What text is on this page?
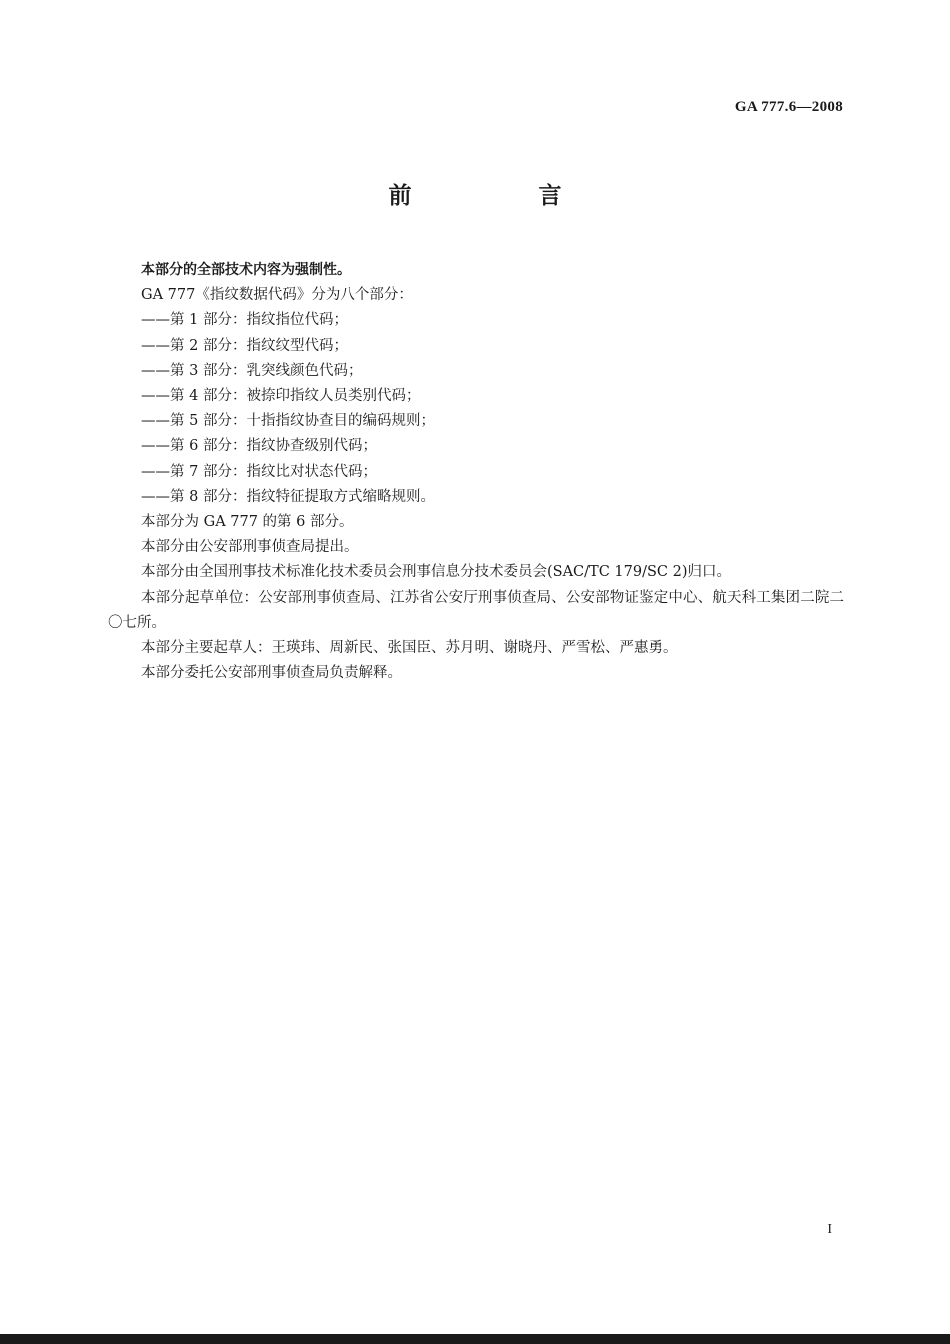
GA 777.6—2008
前　言

本部分的全部技术内容为强制性。

GA 777《指纹数据代码》分为八个部分：

——第 1 部分：指纹指位代码；

——第 2 部分：指纹纹型代码；

——第 3 部分：乳突线颜色代码；

——第 4 部分：被捺印指纹人员类别代码；

——第 5 部分：十指指纹协查目的编码规则；

——第 6 部分：指纹协查级别代码；

——第 7 部分：指纹比对状态代码；

——第 8 部分：指纹特征提取方式缩略规则。

本部分为 GA 777 的第 6 部分。

本部分由公安部刑事侦查局提出。

本部分由全国刑事技术标准化技术委员会刑事信息分技术委员会(SAC/TC 179/SC 2)归口。

本部分起草单位：公安部刑事侦查局、江苏省公安厅刑事侦查局、公安部物证鉴定中心、航天科工集团二院二〇七所。

本部分主要起草人：王瑛玮、周新民、张国臣、苏月明、谢晓丹、严雪松、严惠勇。

本部分委托公安部刑事侦查局负责解释。

I
